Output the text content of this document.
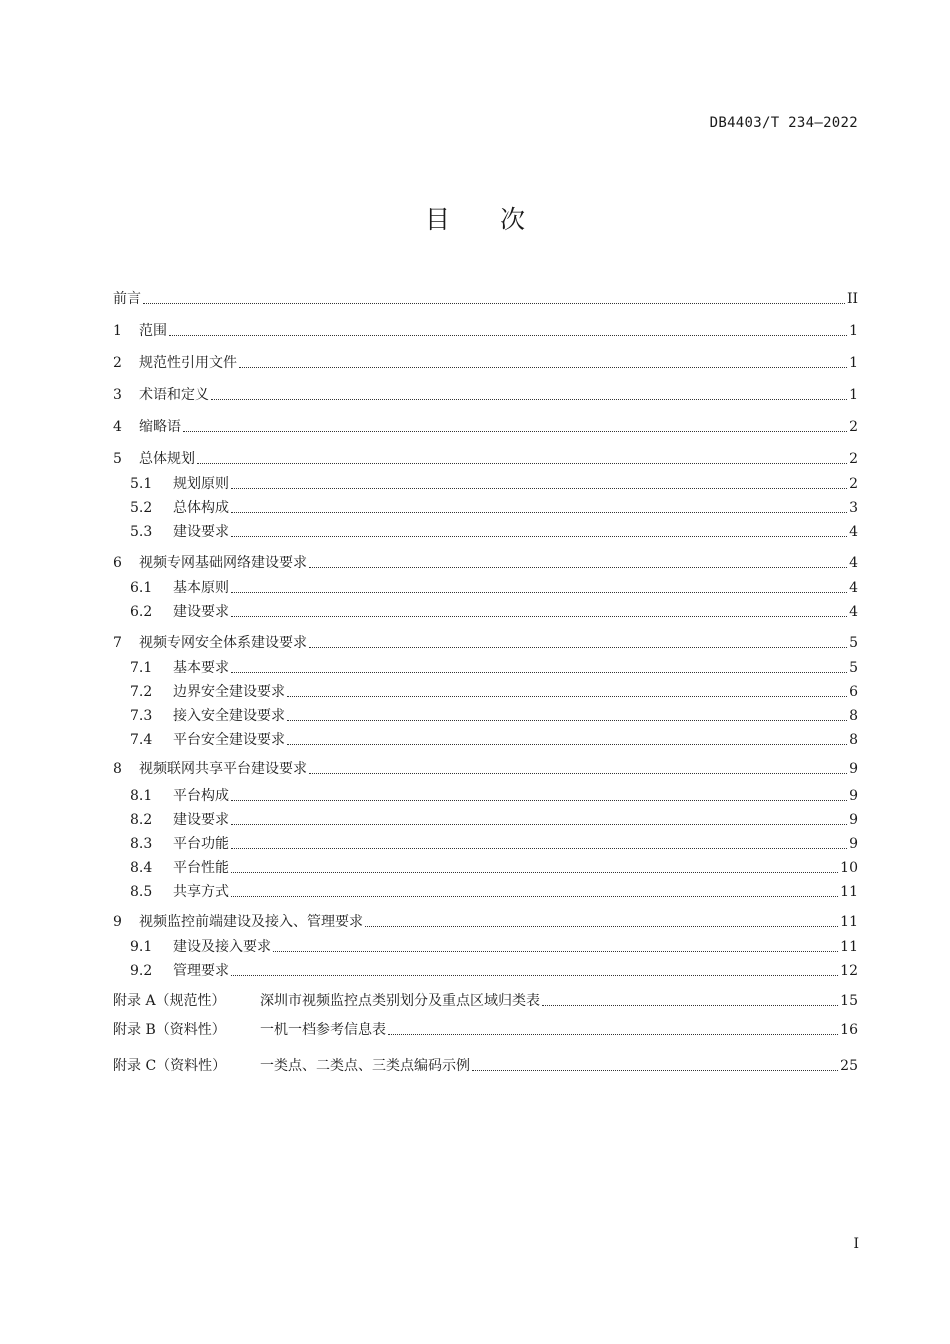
DB4403/T 234—2022
目　　次
前言	II
1	范围	1
2	规范性引用文件	1
3	术语和定义	1
4	缩略语	2
5	总体规划	2
5.1	规划原则	2
5.2	总体构成	3
5.3	建设要求	4
6	视频专网基础网络建设要求	4
6.1	基本原则	4
6.2	建设要求	4
7	视频专网安全体系建设要求	5
7.1	基本要求	5
7.2	边界安全建设要求	6
7.3	接入安全建设要求	8
7.4	平台安全建设要求	8
8	视频联网共享平台建设要求	9
8.1	平台构成	9
8.2	建设要求	9
8.3	平台功能	9
8.4	平台性能	10
8.5	共享方式	11
9	视频监控前端建设及接入、管理要求	11
9.1	建设及接入要求	11
9.2	管理要求	12
附录 A（规范性）	深圳市视频监控点类别划分及重点区域归类表	15
附录 B（资料性）	一机一档参考信息表	16
附录 C（资料性）	一类点、二类点、三类点编码示例	25
I
